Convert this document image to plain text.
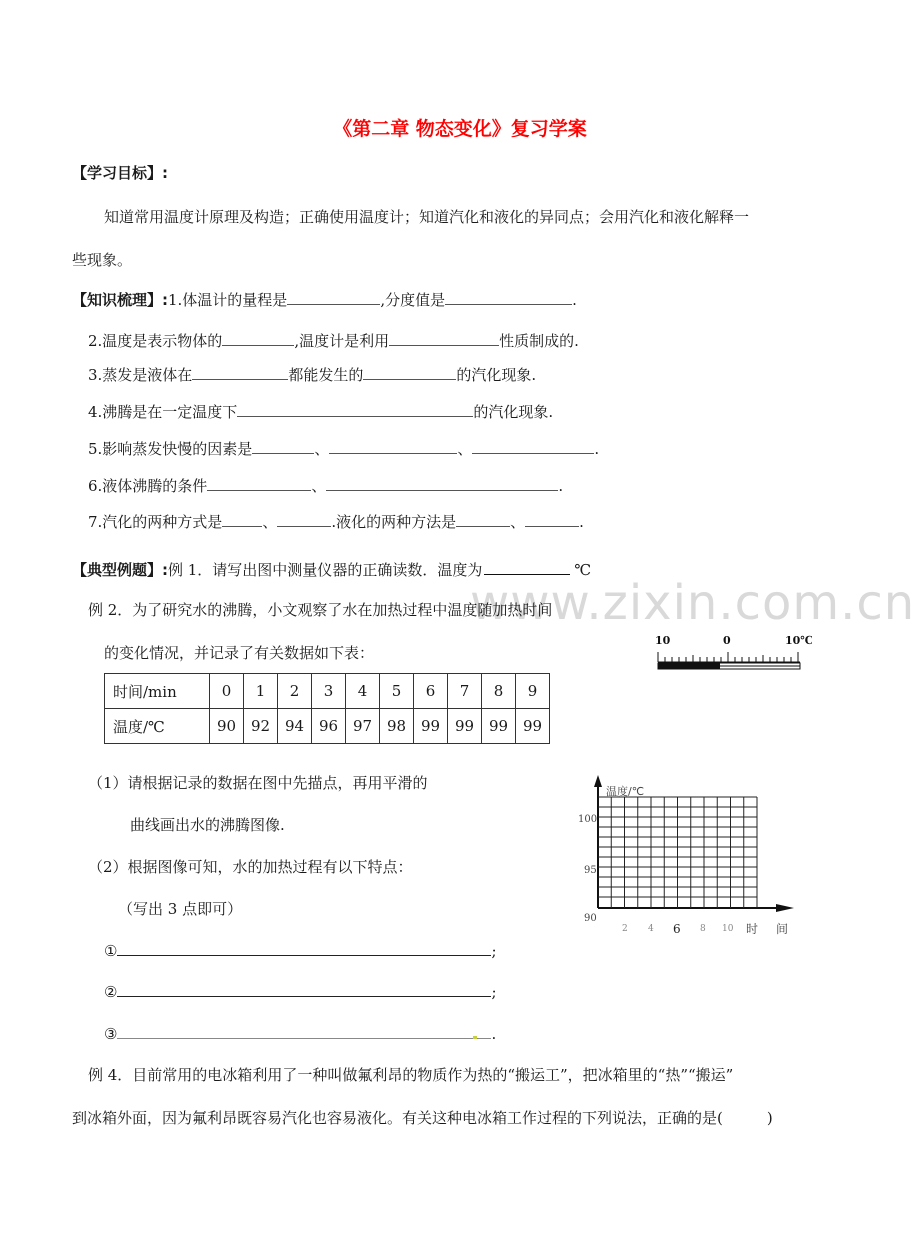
www.zixin.com.cn
《第二章 物态变化》复习学案
【学习目标】:
知道常用温度计原理及构造；正确使用温度计；知道汽化和液化的异同点；会用汽化和液化解释一
些现象。
【知识梳理】:1.体温计的量程是	,分度值是	.
2.温度是表示物体的	,温度计是利用	性质制成的.
3.蒸发是液体在	都能发生的	的汽化现象.
4.沸腾是在一定温度下	的汽化现象.
5.影响蒸发快慢的因素是	、	、	.
6.液体沸腾的条件	、	.
7.汽化的两种方式是	、	.液化的两种方法是	、	.
【典型例题】:例 1．请写出图中测量仪器的正确读数．温度为	℃
例 2．为了研究水的沸腾，小文观察了水在加热过程中温度随加热时间
的变化情况，并记录了有关数据如下表：
10	0	10℃
时间/min	0	1	2	3	4	5	6	7	8	9
温度/℃	90	92	94	96	97	98	99	99	99	99
（1）请根据记录的数据在图中先描点，再用平滑的
曲线画出水的沸腾图像.
（2）根据图像可知，水的加热过程有以下特点：
（写出 3 点即可）
温度/℃
100
95
90
2 4 6 8 10 时 间
①	;
②	;
③	.
例 4．目前常用的电冰箱利用了一种叫做氟利昂的物质作为热的“搬运工”，把冰箱里的“热”“搬运”
到冰箱外面，因为氟利昂既容易汽化也容易液化。有关这种电冰箱工作过程的下列说法，正确的是(	)
